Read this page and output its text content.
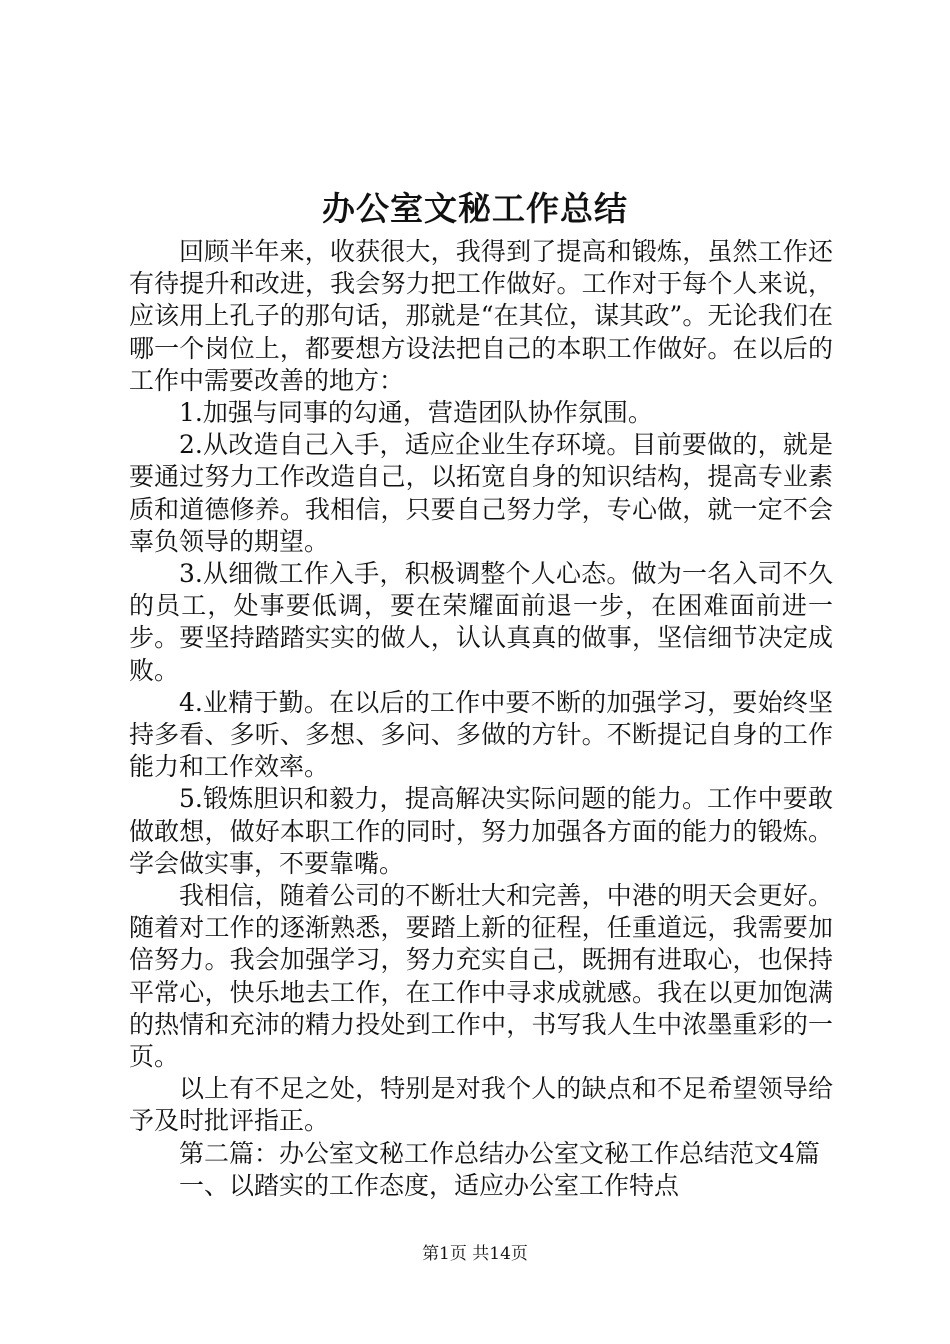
办公室文秘工作总结

回顾半年来，收获很大，我得到了提高和锻炼，虽然工作还有待提升和改进，我会努力把工作做好。工作对于每个人来说，应该用上孔子的那句话，那就是“在其位，谋其政”。无论我们在哪一个岗位上，都要想方设法把自己的本职工作做好。在以后的工作中需要改善的地方：

1.加强与同事的勾通，营造团队协作氛围。

2.从改造自己入手，适应企业生存环境。目前要做的，就是要通过努力工作改造自己，以拓宽自身的知识结构，提高专业素质和道德修养。我相信，只要自己努力学，专心做，就一定不会辜负领导的期望。

3.从细微工作入手，积极调整个人心态。做为一名入司不久的员工，处事要低调，要在荣耀面前退一步，在困难面前进一步。要坚持踏踏实实的做人，认认真真的做事，坚信细节决定成败。

4.业精于勤。在以后的工作中要不断的加强学习，要始终坚持多看、多听、多想、多问、多做的方针。不断提记自身的工作能力和工作效率。

5.锻炼胆识和毅力，提高解决实际问题的能力。工作中要敢做敢想，做好本职工作的同时，努力加强各方面的能力的锻炼。学会做实事，不要靠嘴。

我相信，随着公司的不断壮大和完善，中港的明天会更好。随着对工作的逐渐熟悉，要踏上新的征程，任重道远，我需要加倍努力。我会加强学习，努力充实自己，既拥有进取心，也保持平常心，快乐地去工作，在工作中寻求成就感。我在以更加饱满的热情和充沛的精力投处到工作中，书写我人生中浓墨重彩的一页。

以上有不足之处，特别是对我个人的缺点和不足希望领导给予及时批评指正。

第二篇：办公室文秘工作总结办公室文秘工作总结范文4篇

一、以踏实的工作态度，适应办公室工作特点

第1页 共14页
